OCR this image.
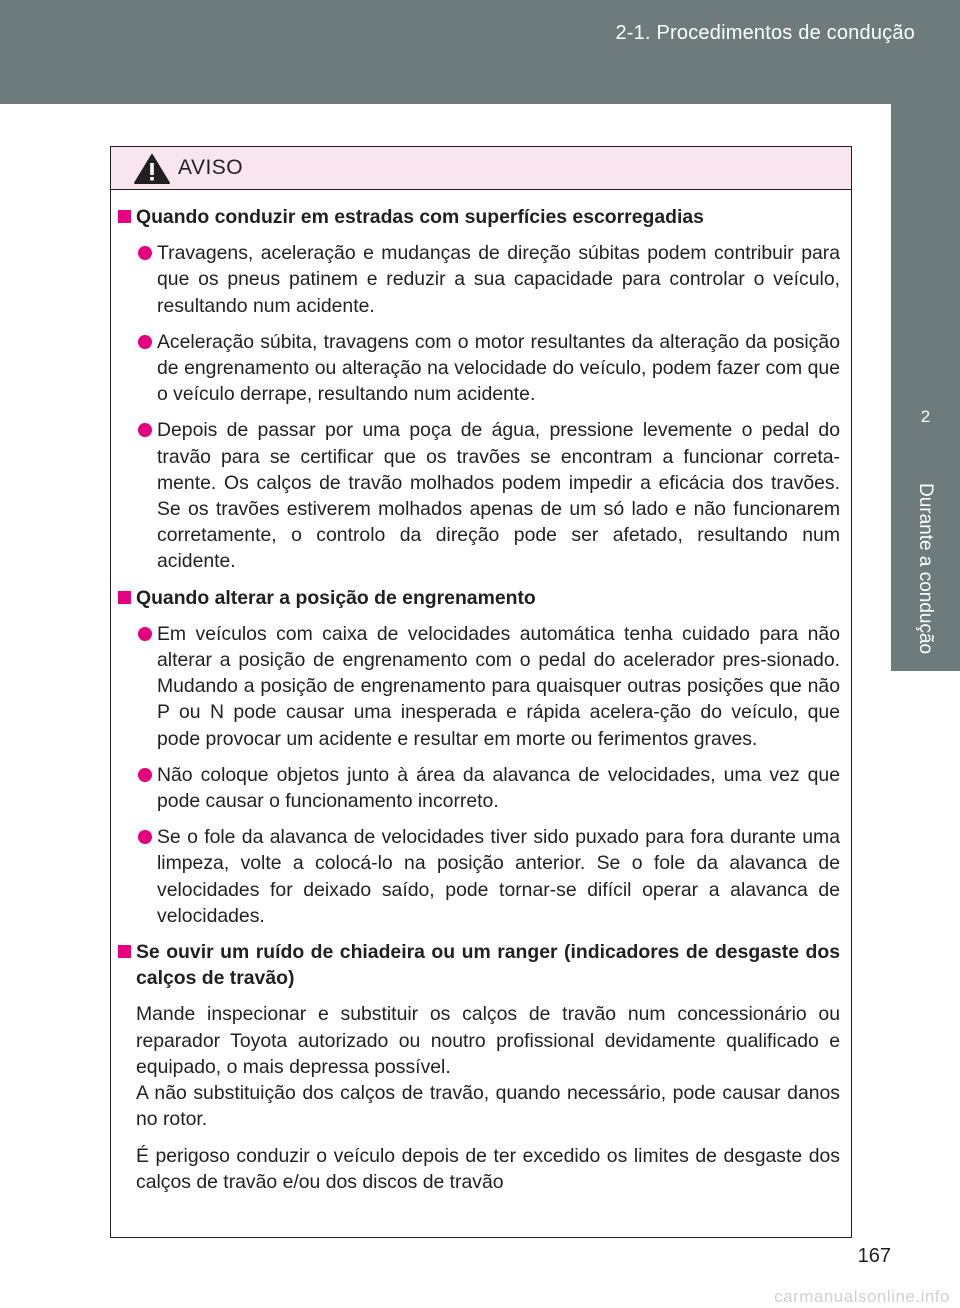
2-1. Procedimentos de condução
2
Durante a condução
AVISO
Quando conduzir em estradas com superfícies escorregadias
Travagens, aceleração e mudanças de direção súbitas podem contribuir para que os pneus patinem e reduzir a sua capacidade para controlar o veículo, resultando num acidente.
Aceleração súbita, travagens com o motor resultantes da alteração da posição de engrenamento ou alteração na velocidade do veículo, podem fazer com que o veículo derrape, resultando num acidente.
Depois de passar por uma poça de água, pressione levemente o pedal do travão para se certificar que os travões se encontram a funcionar correta-mente. Os calços de travão molhados podem impedir a eficácia dos travões. Se os travões estiverem molhados apenas de um só lado e não funcionarem corretamente, o controlo da direção pode ser afetado, resultando num acidente.
Quando alterar a posição de engrenamento
Em veículos com caixa de velocidades automática tenha cuidado para não alterar a posição de engrenamento com o pedal do acelerador pres-sionado. Mudando a posição de engrenamento para quaisquer outras posições que não P ou N pode causar uma inesperada e rápida acelera-ção do veículo, que pode provocar um acidente e resultar em morte ou ferimentos graves.
Não coloque objetos junto à área da alavanca de velocidades, uma vez que pode causar o funcionamento incorreto.
Se o fole da alavanca de velocidades tiver sido puxado para fora durante uma limpeza, volte a colocá-lo na posição anterior. Se o fole da alavanca de velocidades for deixado saído, pode tornar-se difícil operar a alavanca de velocidades.
Se ouvir um ruído de chiadeira ou um ranger (indicadores de desgaste dos calços de travão)
Mande inspecionar e substituir os calços de travão num concessionário ou reparador Toyota autorizado ou noutro profissional devidamente qualificado e equipado, o mais depressa possível.
A não substituição dos calços de travão, quando necessário, pode causar danos no rotor.
É perigoso conduzir o veículo depois de ter excedido os limites de desgaste dos calços de travão e/ou dos discos de travão
167
carmanualsonline.info
